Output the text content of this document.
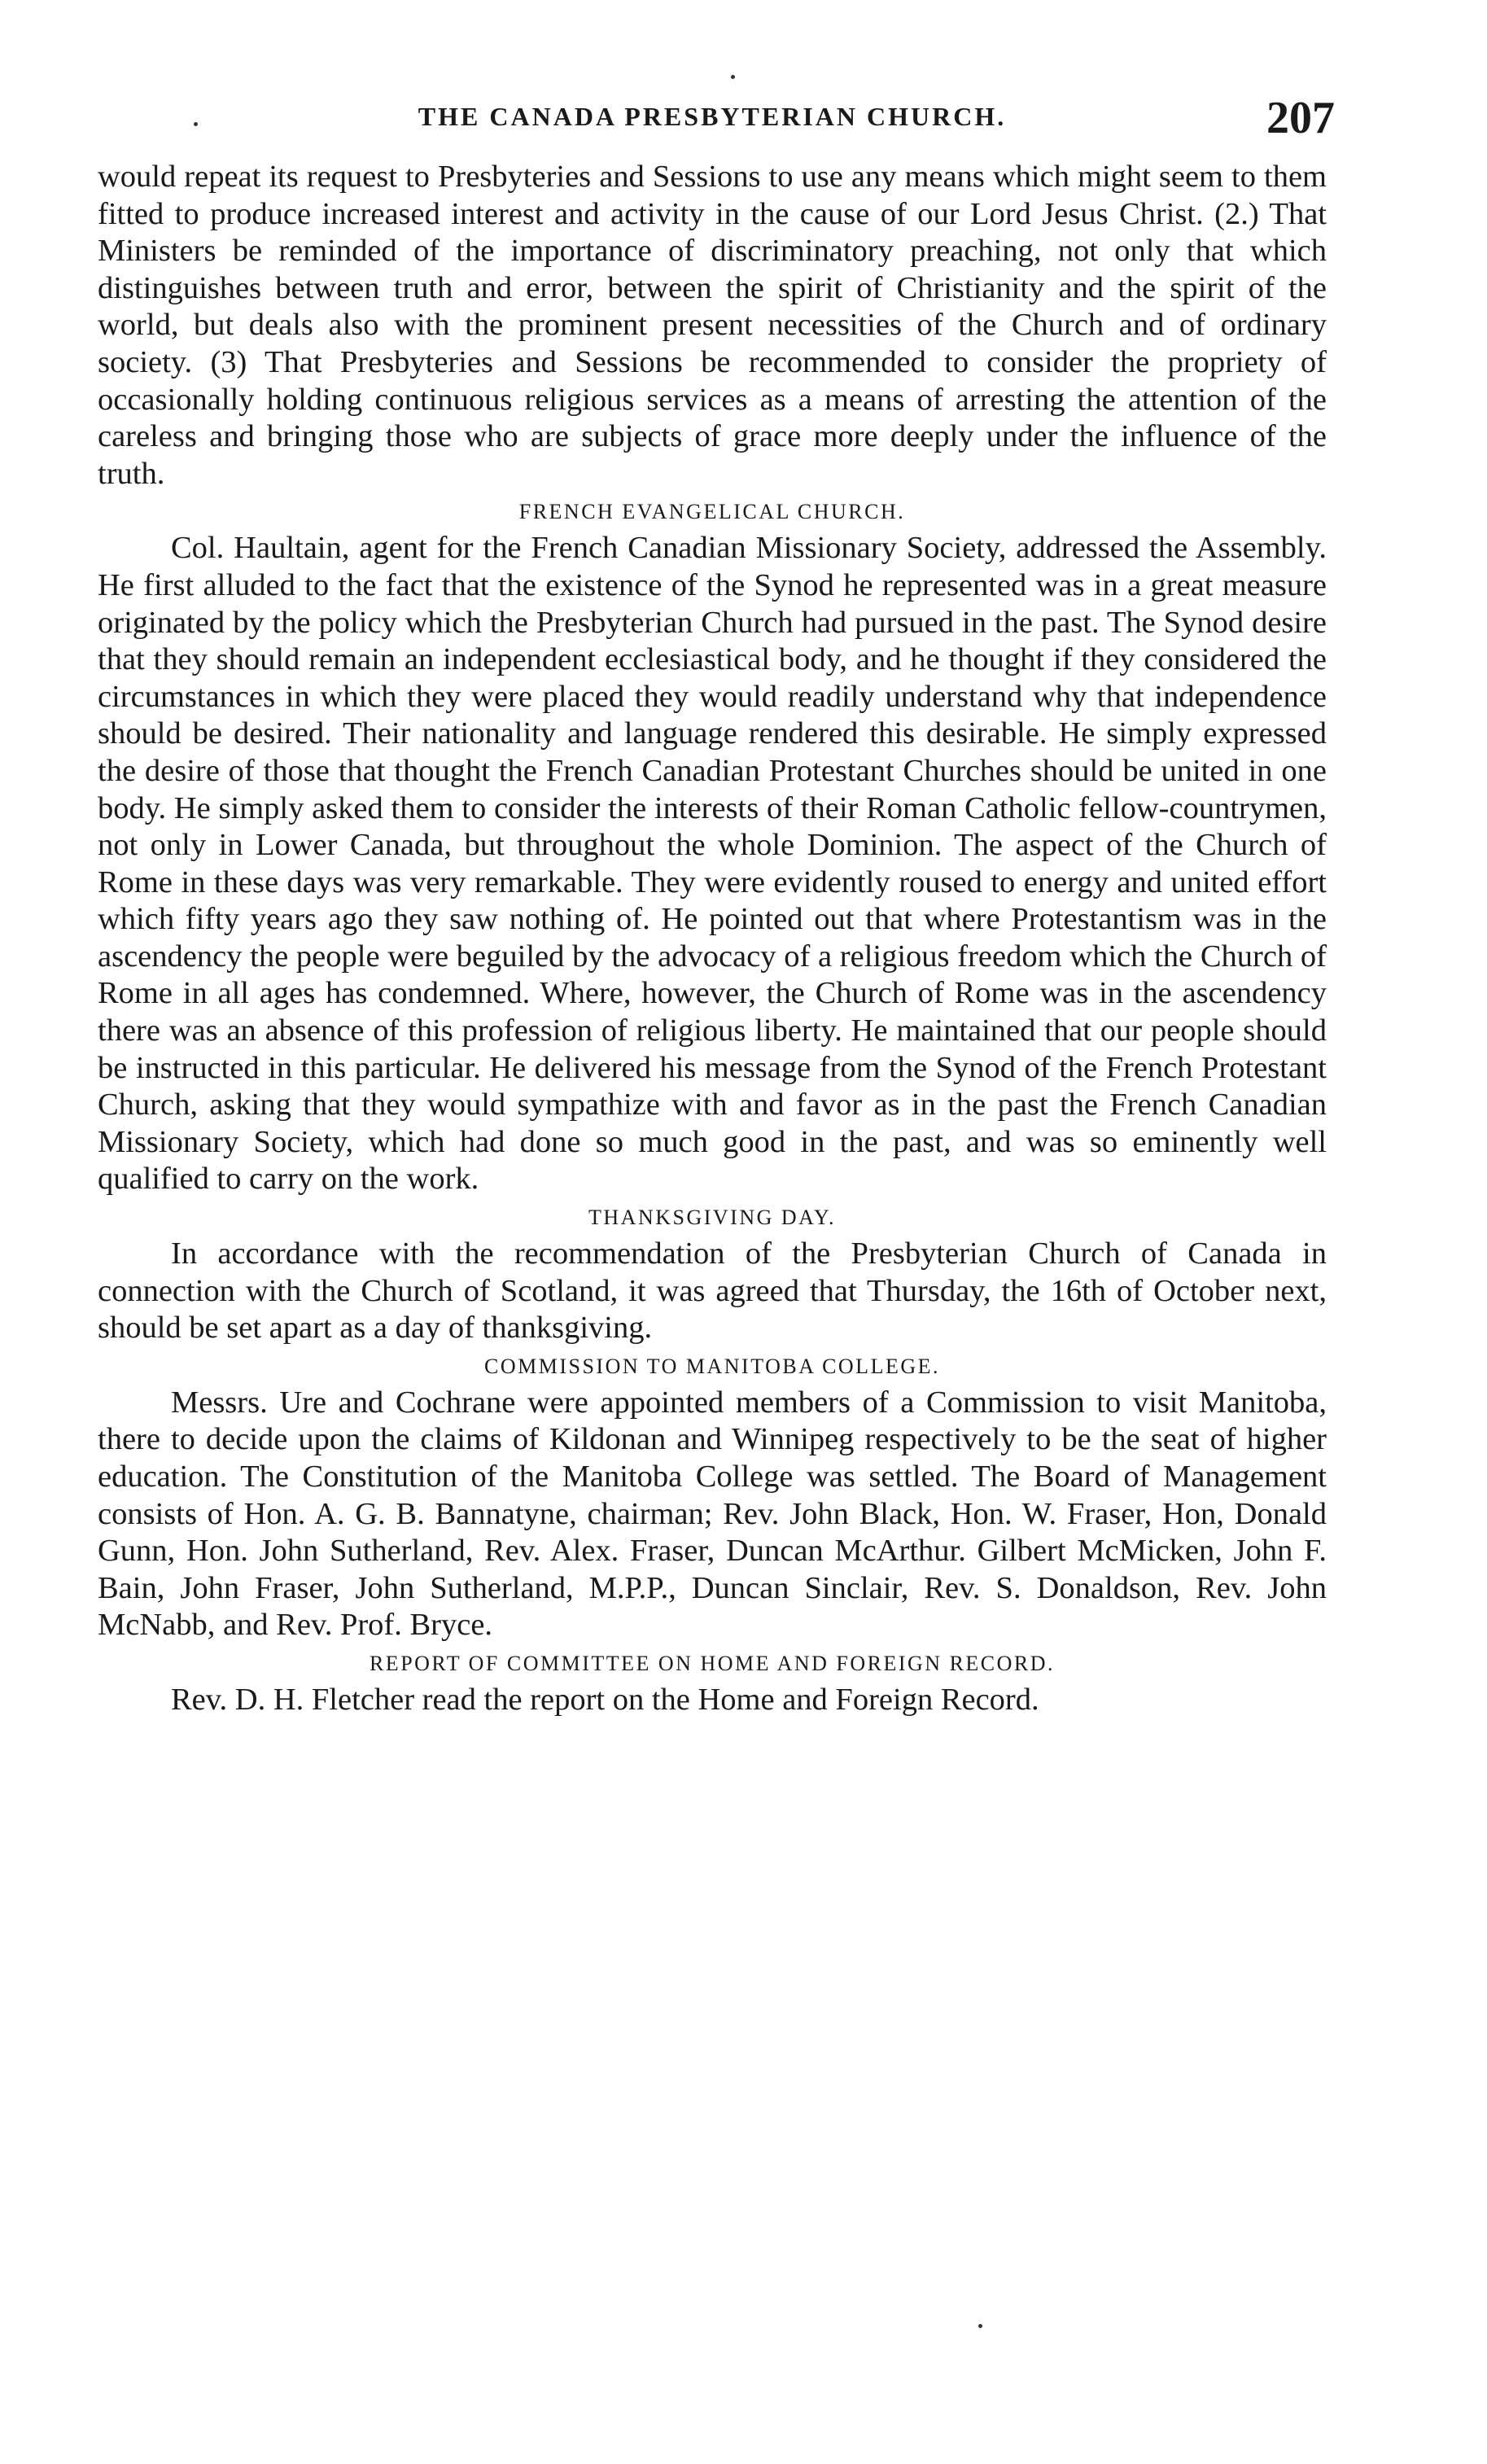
THE CANADA PRESBYTERIAN CHURCH.	207

would repeat its request to Presbyteries and Sessions to use any means which might seem to them fitted to produce increased interest and activity in the cause of our Lord Jesus Christ. (2.) That Ministers be reminded of the importance of discriminatory preaching, not only that which distinguishes between truth and error, between the spirit of Christianity and the spirit of the world, but deals also with the prominent present necessities of the Church and of ordinary society. (3) That Presbyteries and Sessions be recommended to consider the propriety of occasionally holding continuous religious services as a means of arresting the attention of the careless and bringing those who are subjects of grace more deeply under the influence of the truth.

FRENCH EVANGELICAL CHURCH.

Col. Haultain, agent for the French Canadian Missionary Society, addressed the Assembly. He first alluded to the fact that the existence of the Synod he represented was in a great measure originated by the policy which the Presbyterian Church had pursued in the past. The Synod desire that they should remain an independent ecclesiastical body, and he thought if they considered the circumstances in which they were placed they would readily understand why that independence should be desired. Their nationality and language rendered this desirable. He simply expressed the desire of those that thought the French Canadian Protestant Churches should be united in one body. He simply asked them to consider the interests of their Roman Catholic fellow-countrymen, not only in Lower Canada, but throughout the whole Dominion. The aspect of the Church of Rome in these days was very remarkable. They were evidently roused to energy and united effort which fifty years ago they saw nothing of. He pointed out that where Protestantism was in the ascendency the people were beguiled by the advocacy of a religious freedom which the Church of Rome in all ages has condemned. Where, however, the Church of Rome was in the ascendency there was an absence of this profession of religious liberty. He maintained that our people should be instructed in this particular. He delivered his message from the Synod of the French Protestant Church, asking that they would sympathize with and favor as in the past the French Canadian Missionary Society, which had done so much good in the past, and was so eminently well qualified to carry on the work.

THANKSGIVING DAY.

In accordance with the recommendation of the Presbyterian Church of Canada in connection with the Church of Scotland, it was agreed that Thursday, the 16th of October next, should be set apart as a day of thanksgiving.

COMMISSION TO MANITOBA COLLEGE.

Messrs. Ure and Cochrane were appointed members of a Commission to visit Manitoba, there to decide upon the claims of Kildonan and Winnipeg respectively to be the seat of higher education. The Constitution of the Manitoba College was settled. The Board of Management consists of Hon. A. G. B. Bannatyne, chairman; Rev. John Black, Hon. W. Fraser, Hon, Donald Gunn, Hon. John Sutherland, Rev. Alex. Fraser, Duncan McArthur. Gilbert McMicken, John F. Bain, John Fraser, John Sutherland, M.P.P., Duncan Sinclair, Rev. S. Donaldson, Rev. John McNabb, and Rev. Prof. Bryce.

REPORT OF COMMITTEE ON HOME AND FOREIGN RECORD.

Rev. D. H. Fletcher read the report on the Home and Foreign Record.
